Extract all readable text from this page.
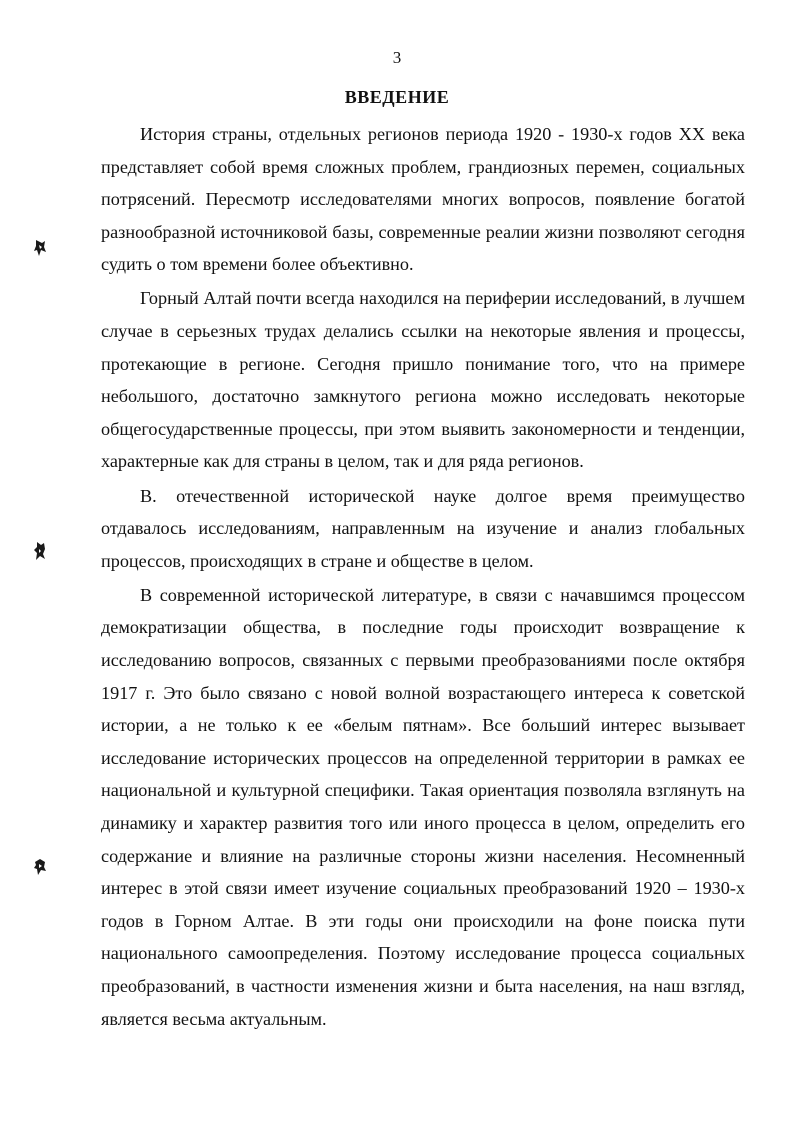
3
ВВЕДЕНИЕ

История страны, отдельных регионов периода 1920 - 1930-х годов XX века представляет собой время сложных проблем, грандиозных перемен, социальных потрясений. Пересмотр исследователями многих вопросов, появление богатой разнообразной источниковой базы, современные реалии жизни позволяют сегодня судить о том времени более объективно.

Горный Алтай почти всегда находился на периферии исследований, в лучшем случае в серьезных трудах делались ссылки на некоторые явления и процессы, протекающие в регионе. Сегодня пришло понимание того, что на примере небольшого, достаточно замкнутого региона можно исследовать некоторые общегосударственные процессы, при этом выявить закономерности и тенденции, характерные как для страны в целом, так и для ряда регионов.

В. отечественной исторической науке долгое время преимущество отдавалось исследованиям, направленным на изучение и анализ глобальных процессов, происходящих в стране и обществе в целом.

В современной исторической литературе, в связи с начавшимся процессом демократизации общества, в последние годы происходит возвращение к исследованию вопросов, связанных с первыми преобразованиями после октября 1917 г. Это было связано с новой волной возрастающего интереса к советской истории, а не только к ее «белым пятнам». Все больший интерес вызывает исследование исторических процессов на определенной территории в рамках ее национальной и культурной специфики. Такая ориентация позволяла взглянуть на динамику и характер развития того или иного процесса в целом, определить его содержание и влияние на различные стороны жизни населения. Несомненный интерес в этой связи имеет изучение социальных преобразований 1920 – 1930-х годов в Горном Алтае. В эти годы они происходили на фоне поиска пути национального самоопределения. Поэтому исследование процесса социальных преобразований, в частности изменения жизни и быта населения, на наш взгляд, является весьма актуальным.
